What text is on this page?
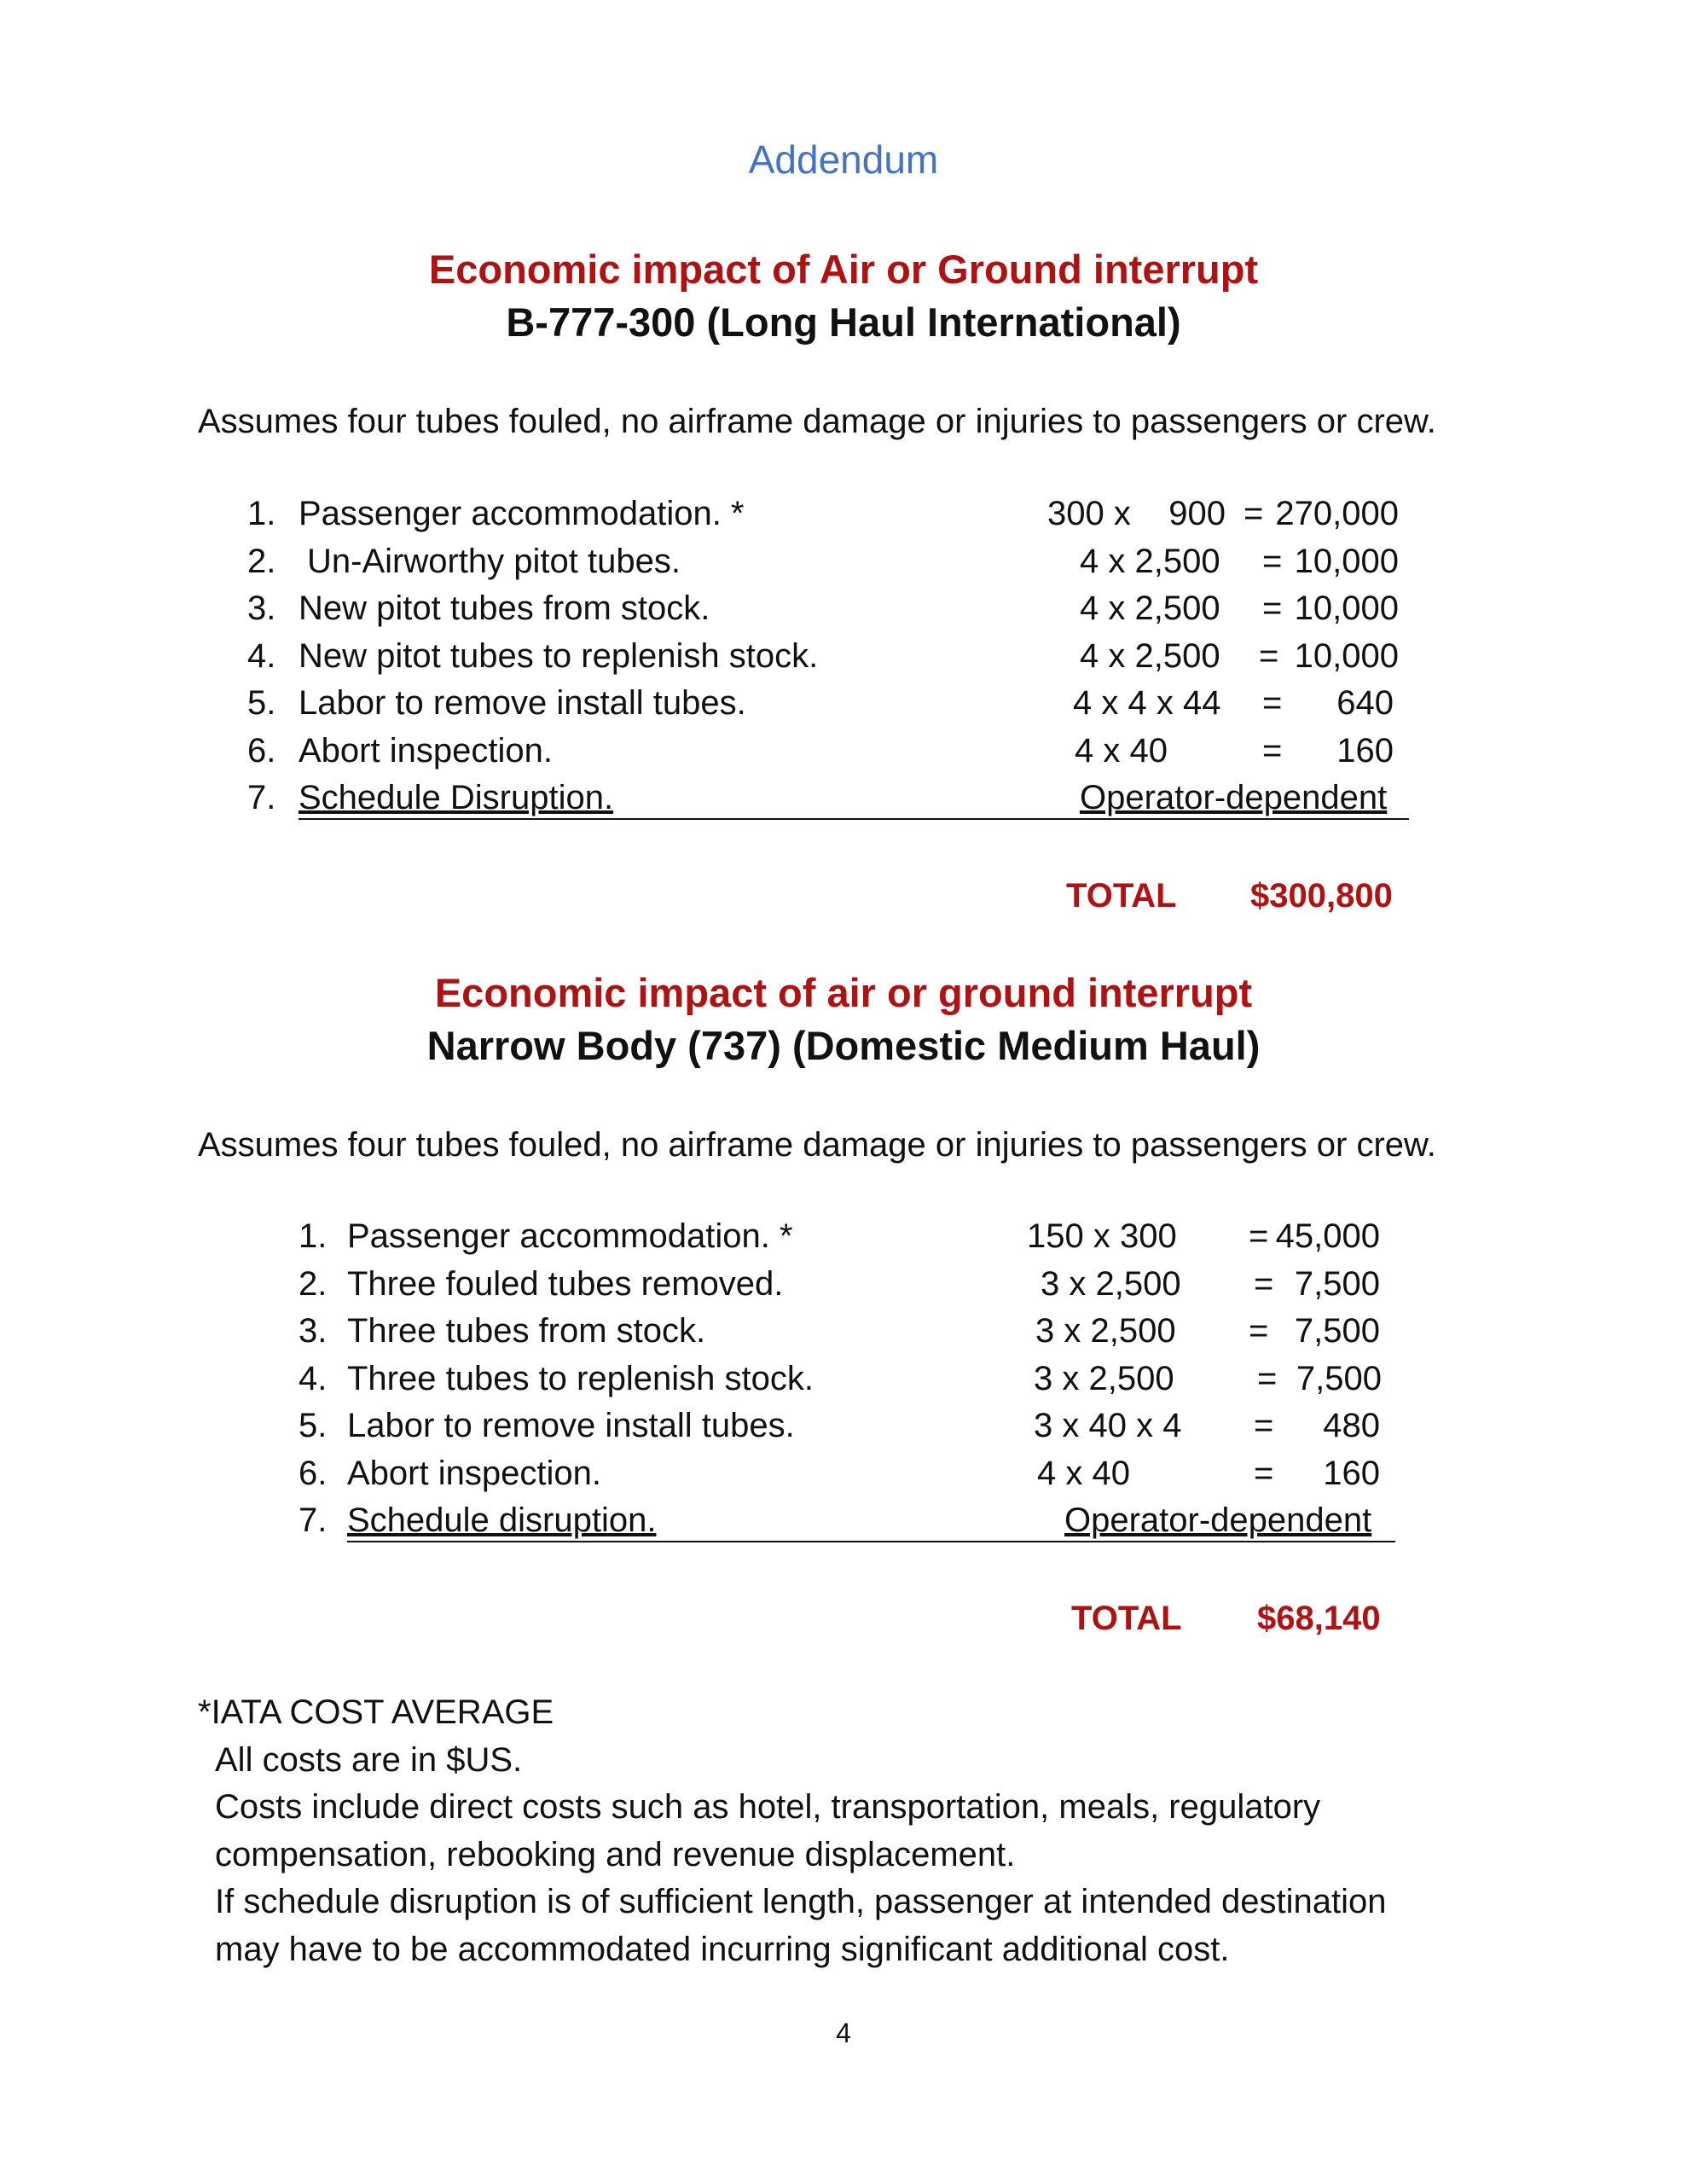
Addendum
Economic impact of Air or Ground interrupt
B-777-300 (Long Haul International)
Assumes four tubes fouled, no airframe damage or injuries to passengers or crew.
1. Passenger accommodation. *	300 x    900 = 270,000
2. Un-Airworthy pitot tubes.	4 x 2,500 = 10,000
3. New pitot tubes from stock.	4 x 2,500 = 10,000
4. New pitot tubes to replenish stock.	4 x 2,500 = 10,000
5. Labor to remove install tubes.	4 x 4 x 44 =	640
6. Abort inspection.	4 x 40	=	160
7. Schedule Disruption.	Operator-dependent
TOTAL $300,800
Economic impact of air or ground interrupt
Narrow Body (737) (Domestic Medium Haul)
Assumes four tubes fouled, no airframe damage or injuries to passengers or crew.
1. Passenger accommodation. *	150 x 300 = 45,000
2. Three fouled tubes removed.	3 x 2,500 = 7,500
3. Three tubes from stock.	3 x 2,500 = 7,500
4. Three tubes to replenish stock.	3 x 2,500 = 7,500
5. Labor to remove install tubes.	3 x 40 x 4 =	480
6. Abort inspection.	4 x 40	=	160
7. Schedule disruption.	Operator-dependent
TOTAL $68,140
*IATA COST AVERAGE
All costs are in $US.
Costs include direct costs such as hotel, transportation, meals, regulatory
compensation, rebooking and revenue displacement.
If schedule disruption is of sufficient length, passenger at intended destination
may have to be accommodated incurring significant additional cost.
4
